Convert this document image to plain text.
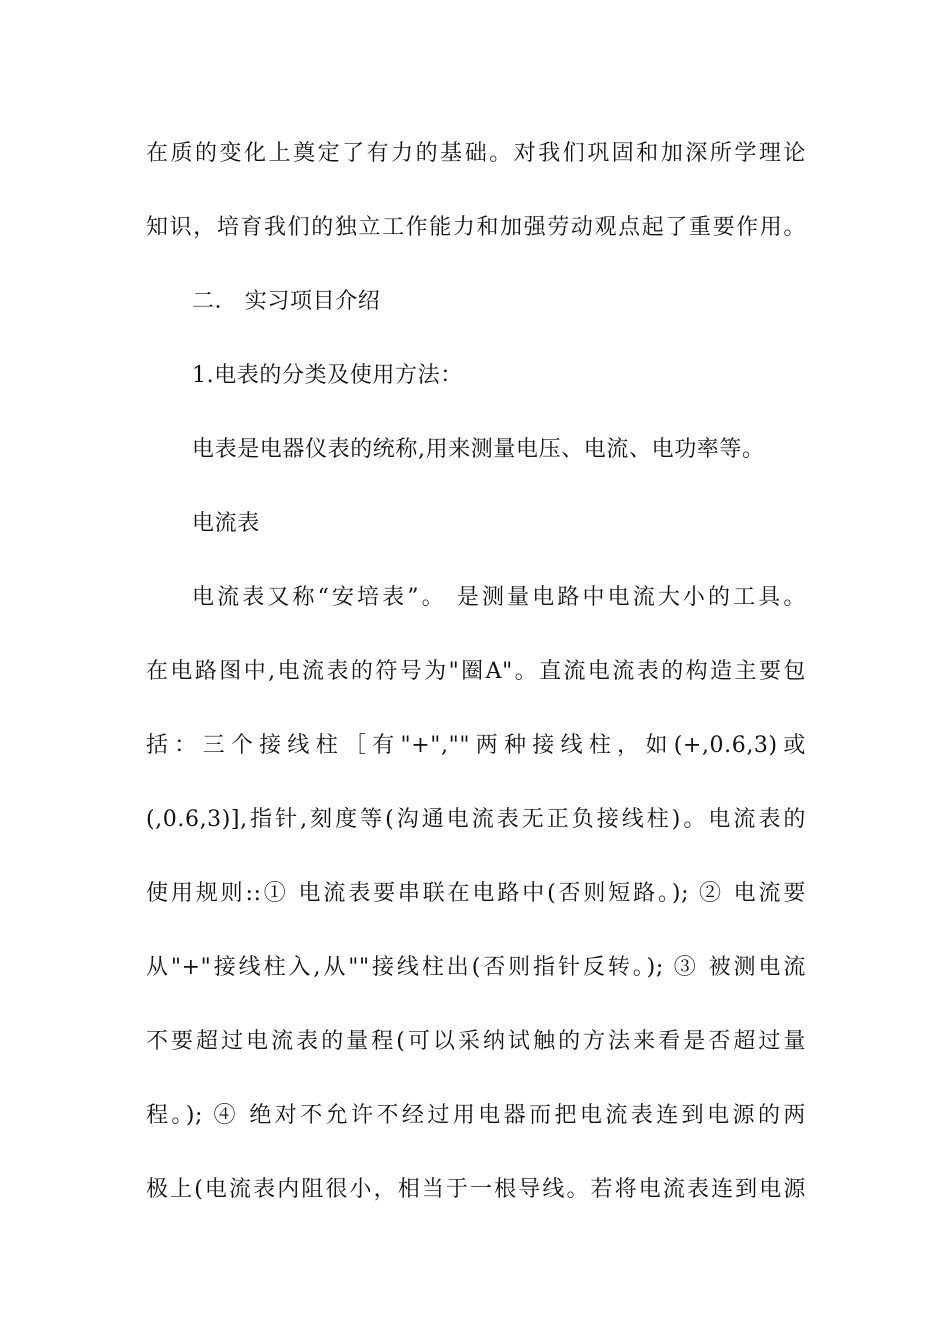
在质的变化上奠定了有力的基础。对我们巩固和加深所学理论
知识，培育我们的独立工作能力和加强劳动观点起了重要作用。
二． 实习项目介绍
1.电表的分类及使用方法：
电表是电器仪表的统称,用来测量电压、电流、电功率等。
电流表
电流表又称“安培表”。 是测量电路中电流大小的工具。
在电路图中,电流表的符号为"圈A"。直流电流表的构造主要包
括：三个接线柱［有"+",""两种接线柱，如(+,0.6,3)或
(,0.6,3)],指针,刻度等(沟通电流表无正负接线柱)。电流表的
使用规则::① 电流表要串联在电路中(否则短路。); ② 电流要
从"+"接线柱入,从""接线柱出(否则指针反转。); ③ 被测电流
不要超过电流表的量程(可以采纳试触的方法来看是否超过量
程。); ④ 绝对不允许不经过用电器而把电流表连到电源的两
极上(电流表内阻很小，相当于一根导线。若将电流表连到电源
